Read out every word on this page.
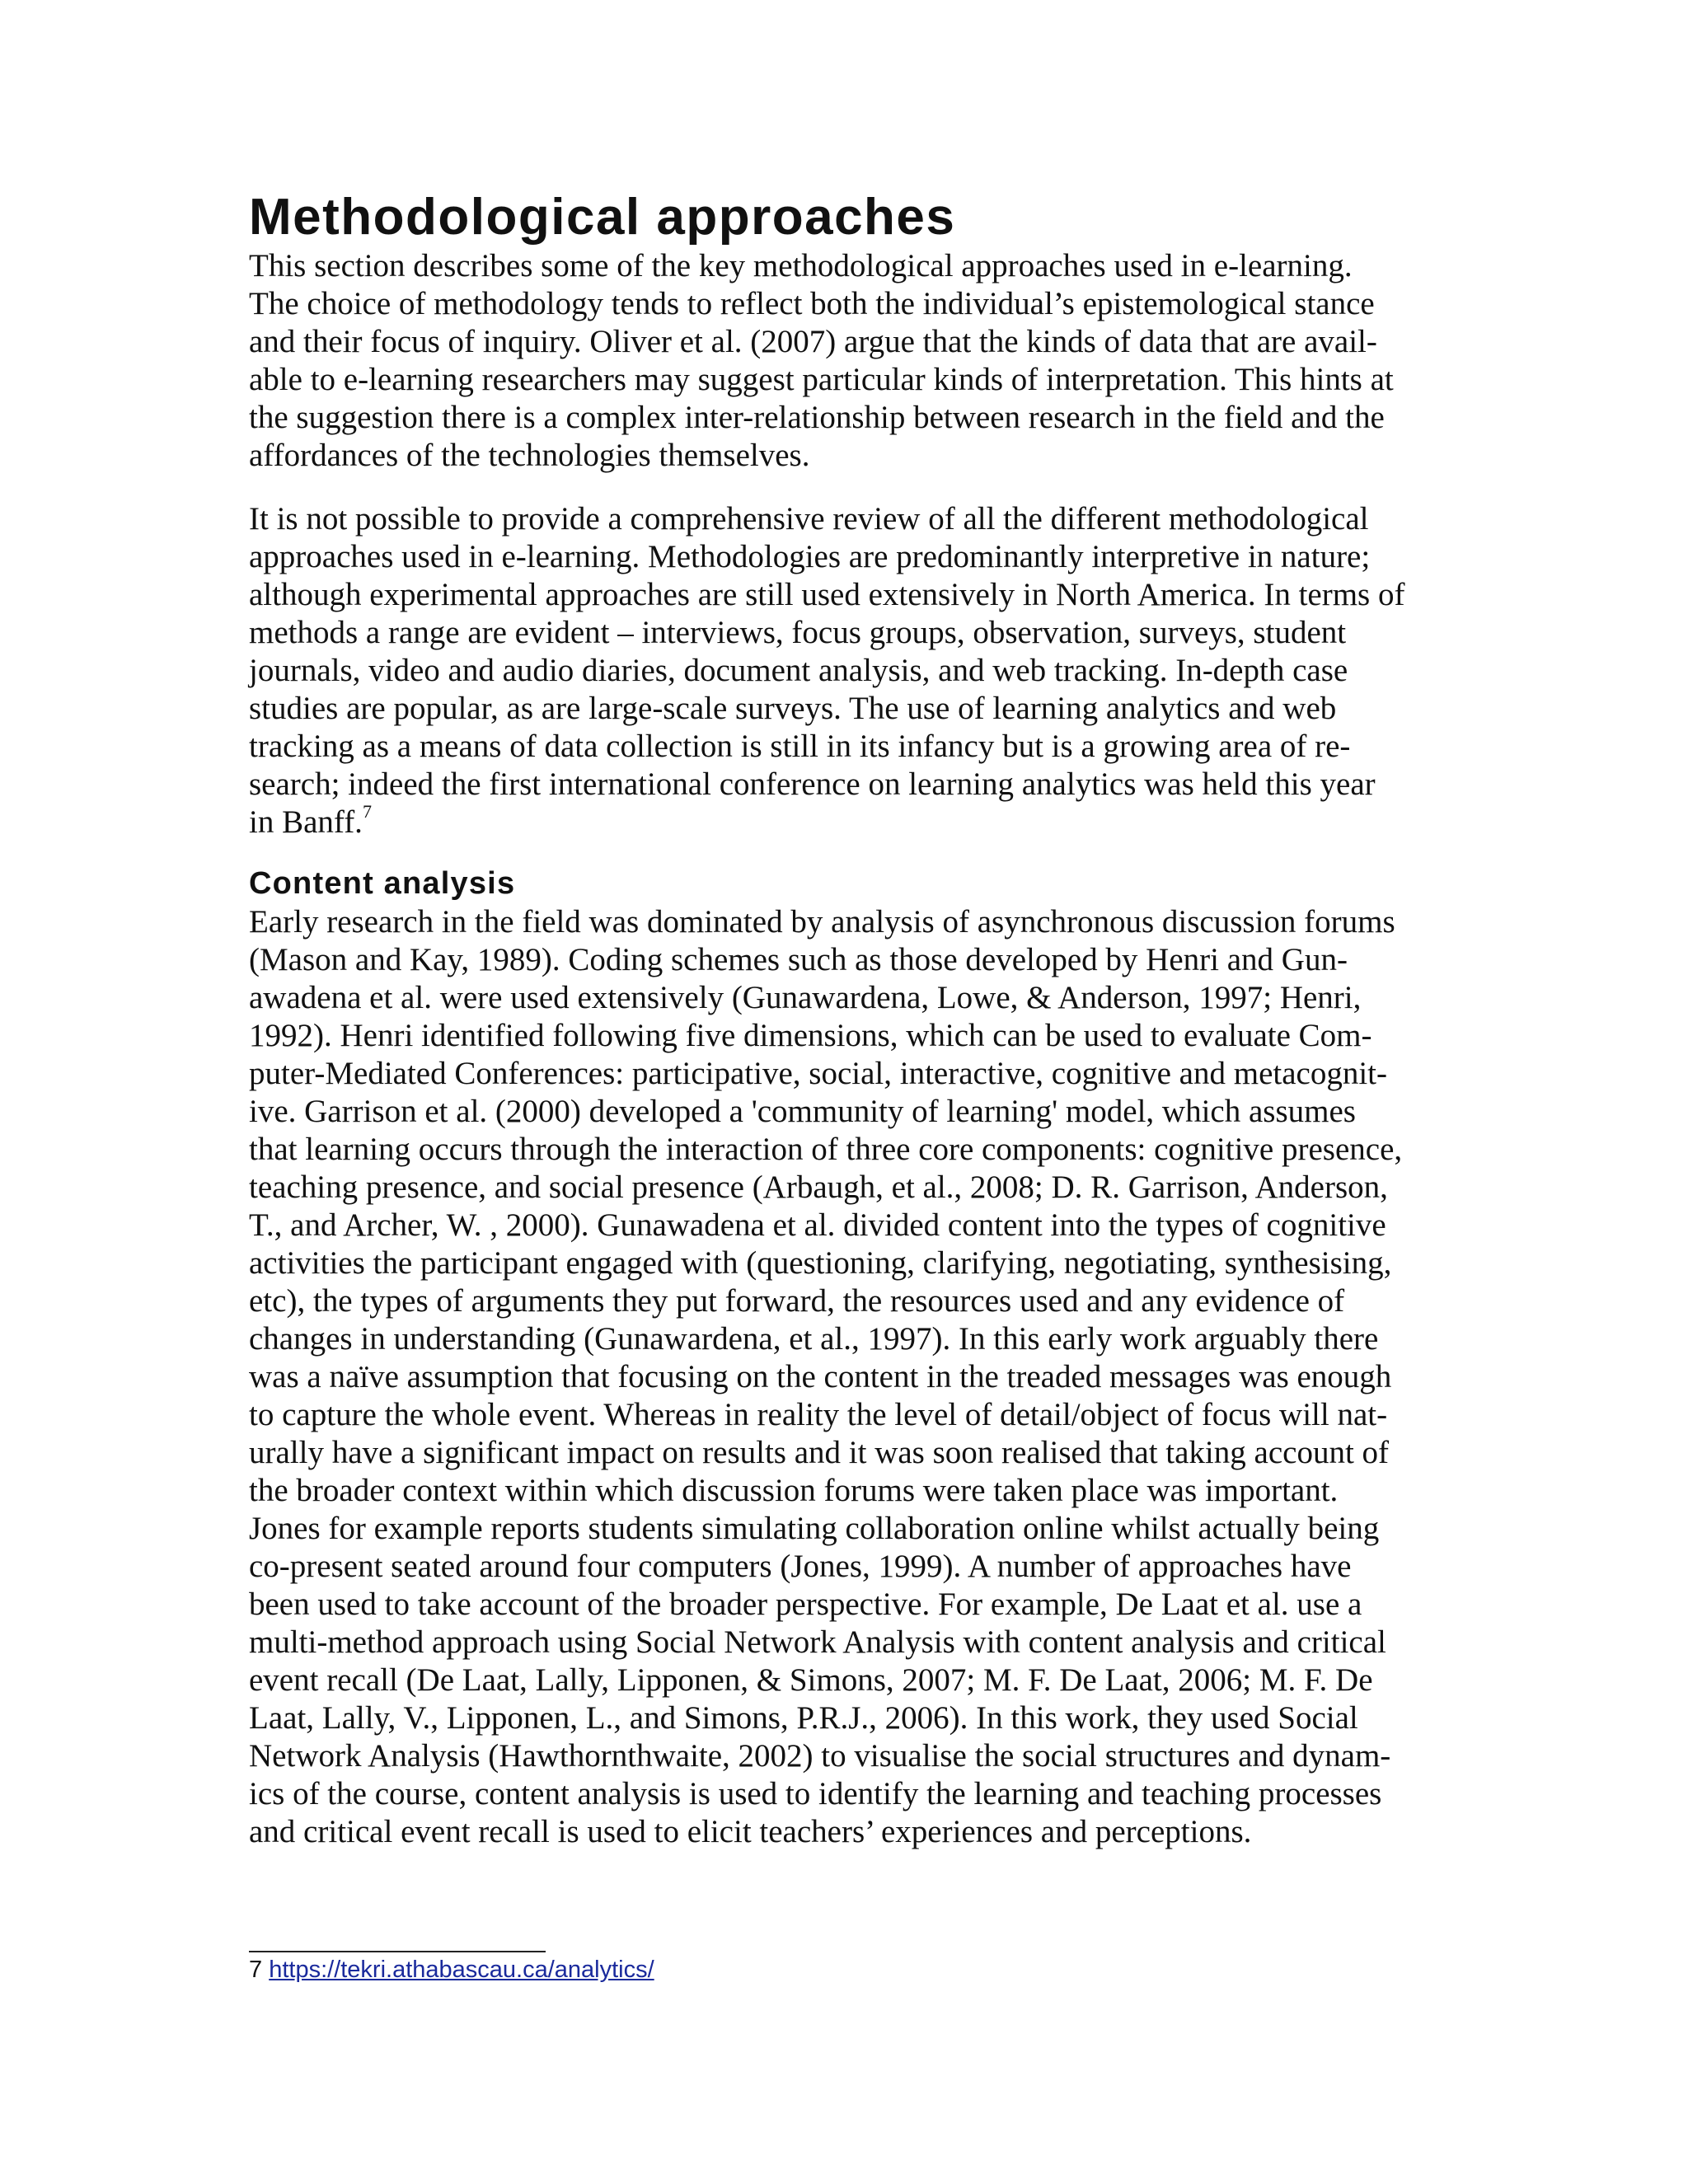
Methodological approaches

This section describes some of the key methodological approaches used in e-learning.
The choice of methodology tends to reflect both the individual’s epistemological stance
and their focus of inquiry. Oliver et al. (2007) argue that the kinds of data that are avail-
able to e-learning researchers may suggest particular kinds of interpretation. This hints at
the suggestion there is a complex inter-relationship between research in the field and the
affordances of the technologies themselves.

It is not possible to provide a comprehensive review of all the different methodological
approaches used in e-learning. Methodologies are predominantly interpretive in nature;
although experimental approaches are still used extensively in North America. In terms of
methods a range are evident – interviews, focus groups, observation, surveys, student
journals, video and audio diaries, document analysis, and web tracking. In-depth case
studies are popular, as are large-scale surveys. The use of learning analytics and web
tracking as a means of data collection is still in its infancy but is a growing area of re-
search; indeed the first international conference on learning analytics was held this year
in Banff.$^7$

Content analysis

Early research in the field was dominated by analysis of asynchronous discussion forums
(Mason and Kay, 1989). Coding schemes such as those developed by Henri and Gun-
awadena et al. were used extensively (Gunawardena, Lowe, & Anderson, 1997; Henri,
1992). Henri identified following five dimensions, which can be used to evaluate Com-
puter-Mediated Conferences: participative, social, interactive, cognitive and metacognit-
ive. Garrison et al. (2000) developed a 'community of learning' model, which assumes
that learning occurs through the interaction of three core components: cognitive presence,
teaching presence, and social presence (Arbaugh, et al., 2008; D. R. Garrison, Anderson,
T., and Archer, W. , 2000). Gunawadena et al. divided content into the types of cognitive
activities the participant engaged with (questioning, clarifying, negotiating, synthesising,
etc), the types of arguments they put forward, the resources used and any evidence of
changes in understanding (Gunawardena, et al., 1997). In this early work arguably there
was a naïve assumption that focusing on the content in the treaded messages was enough
to capture the whole event. Whereas in reality the level of detail/object of focus will nat-
urally have a significant impact on results and it was soon realised that taking account of
the broader context within which discussion forums were taken place was important.
Jones for example reports students simulating collaboration online whilst actually being
co-present seated around four computers (Jones, 1999). A number of approaches have
been used to take account of the broader perspective. For example, De Laat et al. use a
multi-method approach using Social Network Analysis with content analysis and critical
event recall (De Laat, Lally, Lipponen, & Simons, 2007; M. F. De Laat, 2006; M. F. De
Laat, Lally, V., Lipponen, L., and Simons, P.R.J., 2006). In this work, they used Social
Network Analysis (Hawthornthwaite, 2002) to visualise the social structures and dynam-
ics of the course, content analysis is used to identify the learning and teaching processes
and critical event recall is used to elicit teachers’ experiences and perceptions.

7 https://tekri.athabascau.ca/analytics/
